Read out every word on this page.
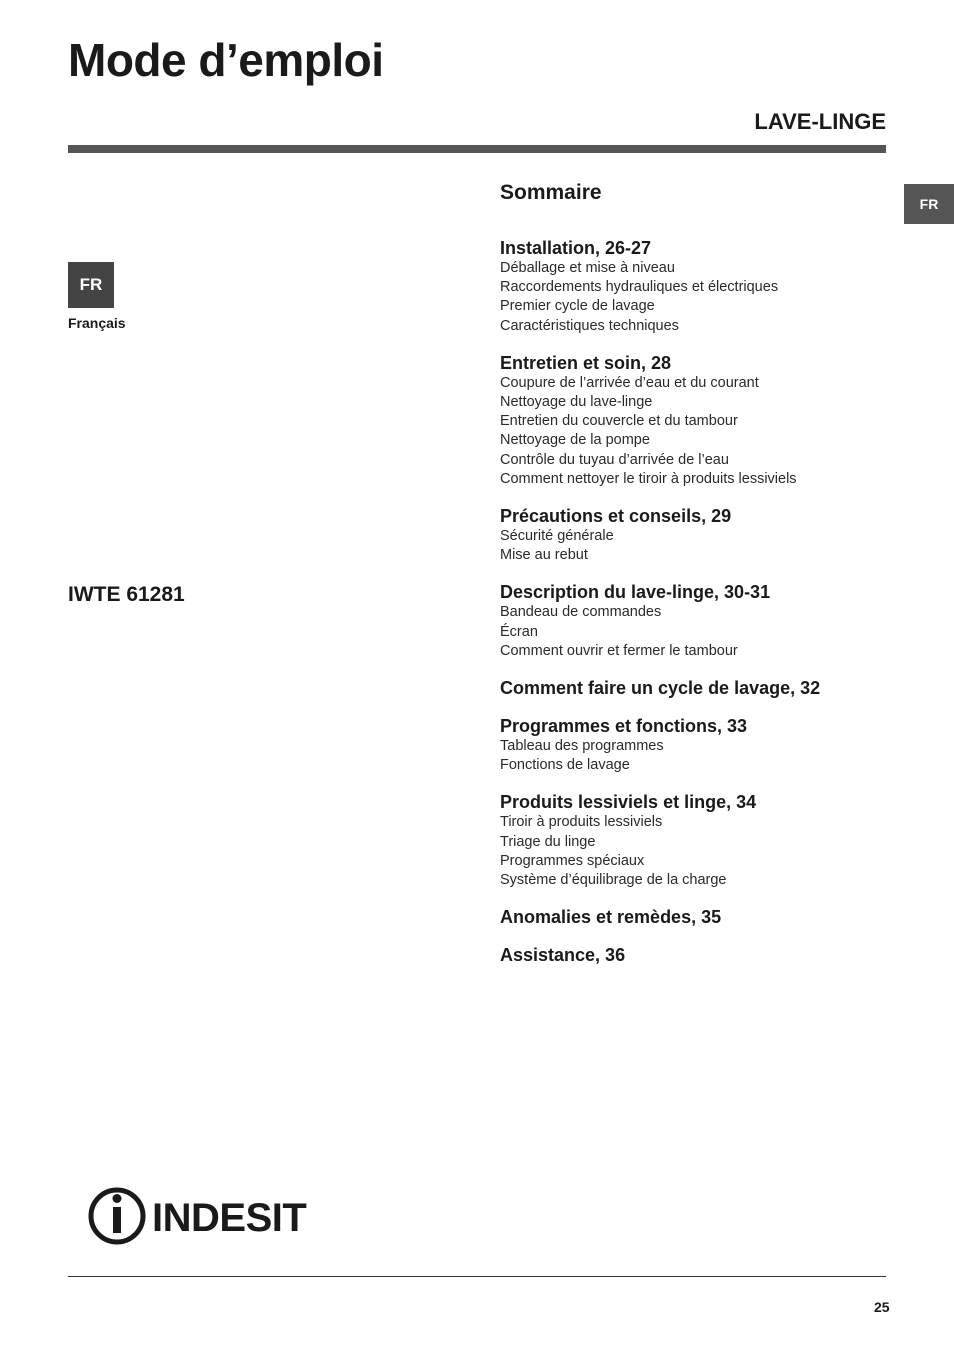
Mode d’emploi
LAVE-LINGE
FR
FR
Français
IWTE 61281
Sommaire
Installation, 26-27
Déballage et mise à niveau
Raccordements hydrauliques et électriques
Premier cycle de lavage
Caractéristiques techniques
Entretien et soin, 28
Coupure de l’arrivée d’eau et du courant
Nettoyage du lave-linge
Entretien du couvercle et du tambour
Nettoyage de la pompe
Contrôle du tuyau d’arrivée de l’eau
Comment nettoyer le tiroir à produits lessiviels
Précautions et conseils, 29
Sécurité générale
Mise au rebut
Description du lave-linge, 30-31
Bandeau de commandes
Écran
Comment ouvrir et fermer le tambour
Comment faire un cycle de lavage, 32
Programmes et fonctions, 33
Tableau des programmes
Fonctions de lavage
Produits lessiviels et linge, 34
Tiroir à produits lessiviels
Triage du linge
Programmes spéciaux
Système d’équilibrage de la charge
Anomalies et remèdes, 35
Assistance, 36
INDESIT
25
